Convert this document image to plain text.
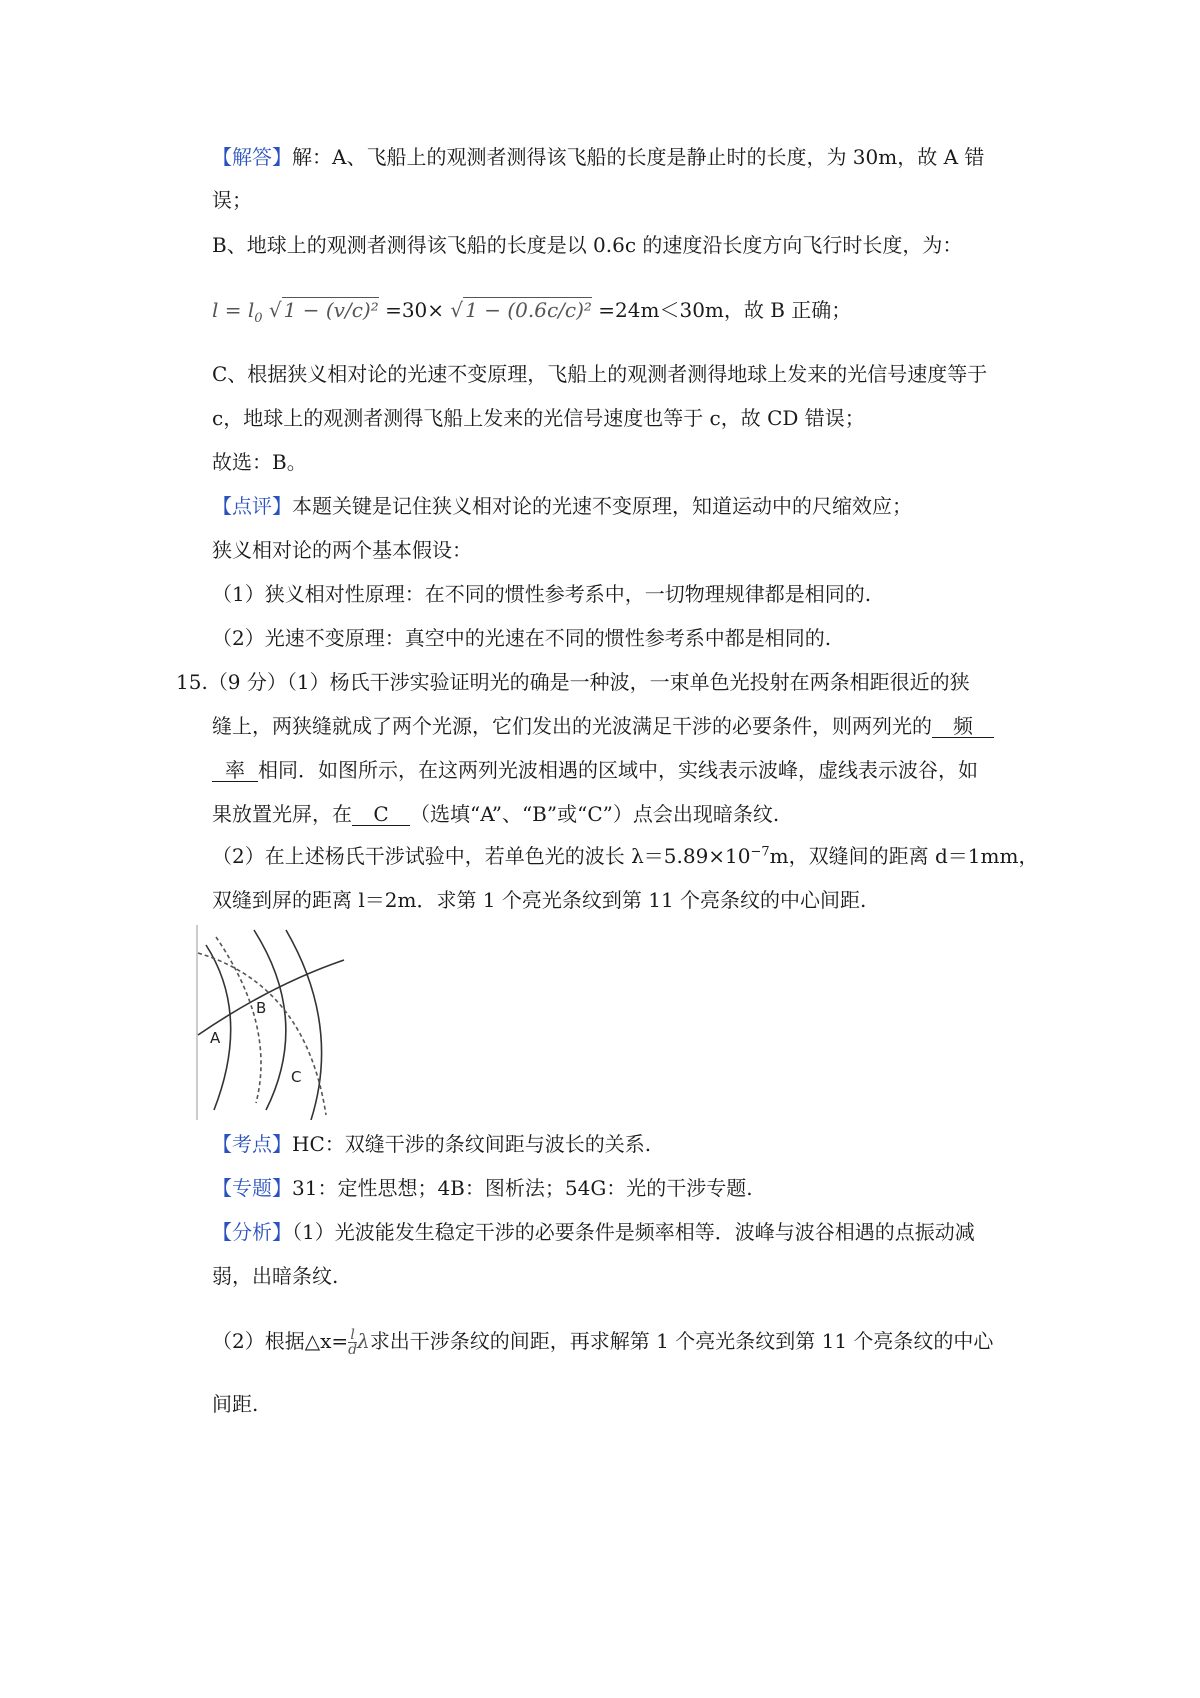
【解答】解：A、飞船上的观测者测得该飞船的长度是静止时的长度，为 30m，故 A 错
误；
B、地球上的观测者测得该飞船的长度是以 0.6c 的速度沿长度方向飞行时长度，为：
$l = l_0$ √ 1 − (v/c)² =30× √ 1 − (0.6c/c)² =24m＜30m，故 B 正确；
C、根据狭义相对论的光速不变原理，飞船上的观测者测得地球上发来的光信号速度等于
c，地球上的观测者测得飞船上发来的光信号速度也等于 c，故 CD 错误；
故选：B。
【点评】本题关键是记住狭义相对论的光速不变原理，知道运动中的尺缩效应；
狭义相对论的两个基本假设：
（1）狭义相对性原理：在不同的惯性参考系中，一切物理规律都是相同的.
（2）光速不变原理：真空中的光速在不同的惯性参考系中都是相同的.
15.（9 分）（1）杨氏干涉实验证明光的确是一种波，一束单色光投射在两条相距很近的狭
缝上，两狭缝就成了两个光源，它们发出的光波满足干涉的必要条件，则两列光的频
率相同．如图所示，在这两列光波相遇的区域中，实线表示波峰，虚线表示波谷，如
果放置光屏，在C（选填“A”、“B”或“C”）点会出现暗条纹.
（2）在上述杨氏干涉试验中，若单色光的波长 $\lambda=5.89\times 10^{-7}m$，双缝间的距离 d＝1mm，
双缝到屏的距离 l＝2m．求第 1 个亮光条纹到第 11 个亮条纹的中心间距.
A
B
C
【考点】HC：双缝干涉的条纹间距与波长的关系.
【专题】31：定性思想；4B：图析法；54G：光的干涉专题.
【分析】（1）光波能发生稳定干涉的必要条件是频率相等．波峰与波谷相遇的点振动减
弱，出暗条纹.
（2）根据△x= $\frac{l}{d}$ λ求出干涉条纹的间距，再求解第 1 个亮光条纹到第 11 个亮条纹的中心
间距.
